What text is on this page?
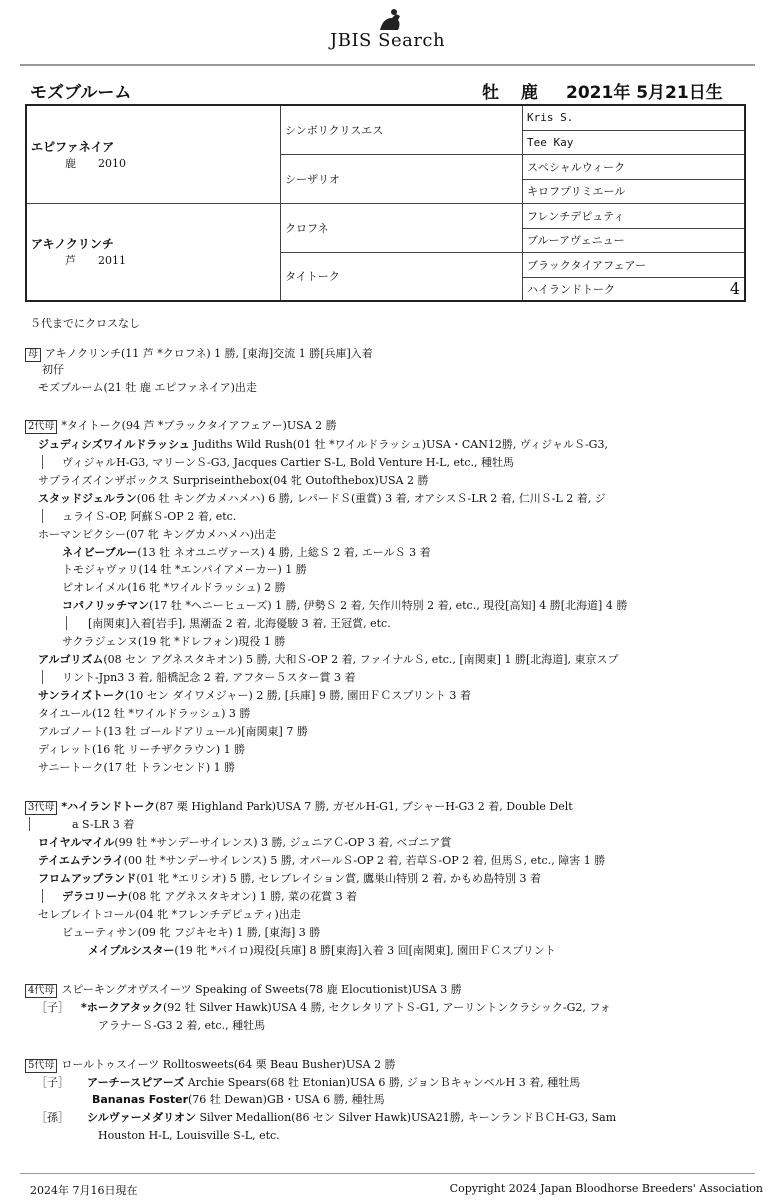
JBIS Search
モズブルーム	牡 鹿 2021年 5月21日生
エピファネイア
鹿 2010	シンボリクリスエス	Kris S.
		Tee Kay
	シーザリオ	スペシャルウィーク
		キロフプリミエール

アキノクリンチ
芦 2011	クロフネ	フレンチデピュティ
		ブルーアヴェニュー
	タイトーク	ブラックタイアフェアー
		ハイランドトーク 4
５代までにクロスなし
母 アキノクリンチ(11 芦 *クロフネ) 1 勝, [東海]交流 1 勝[兵庫]入着
初仔
モズブルーム(21 牡 鹿 エピファネイア)出走
2代母 *タイトーク(94 芦 *ブラックタイアフェアー)USA 2 勝
ジュディシズワイルドラッシュ Judiths Wild Rush(01 牡 *ワイルドラッシュ)USA・CAN12勝, ヴィジャルＳ-G3,
ヴィジャルH-G3, マリーンＳ-G3, Jacques Cartier S-L, Bold Venture H-L, etc., 種牡馬
サプライズインザボックス Surpriseinthebox(04 牝 Outofthebox)USA 2 勝
スタッドジェルラン(06 牡 キングカメハメハ) 6 勝, レパードＳ(重賞) 3 着, オアシスＳ-LR 2 着, 仁川Ｓ-L 2 着, ジ
ュライＳ-OP, 阿蘇Ｓ-OP 2 着, etc.
ホーマンピクシー(07 牝 キングカメハメハ)出走
ネイビーブルー(13 牡 ネオユニヴァース) 4 勝, 上総Ｓ 2 着, エールＳ 3 着
トモジャヴァリ(14 牡 *エンパイアメーカー) 1 勝
ピオレイメル(16 牝 *ワイルドラッシュ) 2 勝
コパノリッチマン(17 牡 *ヘニーヒューズ) 1 勝, 伊勢Ｓ 2 着, 矢作川特別 2 着, etc., 現役[高知] 4 勝[北海道] 4 勝
[南関東]入着[岩手], 黒潮盃 2 着, 北海優駿 3 着, 王冠賞, etc.
サクラジェンヌ(19 牝 *ドレフォン)現役 1 勝
アルゴリズム(08 セン アグネスタキオン) 5 勝, 大和Ｓ-OP 2 着, ファイナルＳ, etc., [南関東] 1 勝[北海道], 東京スプ
リント-Jpn3 3 着, 船橋記念 2 着, アフター５スター賞 3 着
サンライズトーク(10 セン ダイワメジャー) 2 勝, [兵庫] 9 勝, 園田ＦＣスプリント 3 着
タイユール(12 牡 *ワイルドラッシュ) 3 勝
アルゴノート(13 牡 ゴールドアリュール)[南関東] 7 勝
ディレット(16 牝 リーチザクラウン) 1 勝
サニートーク(17 牡 トランセンド) 1 勝
3代母 *ハイランドトーク(87 栗 Highland Park)USA 7 勝, ガゼルH-G1, ブシャーH-G3 2 着, Double Delt
a S-LR 3 着
ロイヤルマイル(99 牡 *サンデーサイレンス) 3 勝, ジュニアＣ-OP 3 着, ベゴニア賞
テイエムテンライ(00 牡 *サンデーサイレンス) 5 勝, オパールＳ-OP 2 着, 若草Ｓ-OP 2 着, 但馬Ｓ, etc., 障害 1 勝
フロムアップランド(01 牝 *エリシオ) 5 勝, セレブレイション賞, 鷹巣山特別 2 着, かもめ島特別 3 着
デラコリーナ(08 牝 アグネスタキオン) 1 勝, 菜の花賞 3 着
セレブレイトコール(04 牝 *フレンチデピュティ)出走
ビューティサン(09 牝 フジキセキ) 1 勝, [東海] 3 勝
メイプルシスター(19 牝 *パイロ)現役[兵庫] 8 勝[東海]入着 3 回[南関東], 園田ＦＣスプリント
4代母 スピーキングオヴスイーツ Speaking of Sweets(78 鹿 Elocutionist)USA 3 勝
［子］ *ホークアタック(92 牡 Silver Hawk)USA 4 勝, セクレタリアトＳ-G1, アーリントンクラシック-G2, フォ
アラナーＳ-G3 2 着, etc., 種牡馬
5代母 ロールトゥスイーツ Rolltosweets(64 栗 Beau Busher)USA 2 勝
［子］ アーチースピアーズ Archie Spears(68 牡 Etonian)USA 6 勝, ジョンＢキャンベルH 3 着, 種牡馬
Bananas Foster(76 牡 Dewan)GB・USA 6 勝, 種牡馬
［孫］ シルヴァーメダリオン Silver Medallion(86 セン Silver Hawk)USA21勝, キーンランドＢＣH-G3, Sam
Houston H-L, Louisville S-L, etc.
2024年 7月16日現在	Copyright 2024 Japan Bloodhorse Breeders' Association
